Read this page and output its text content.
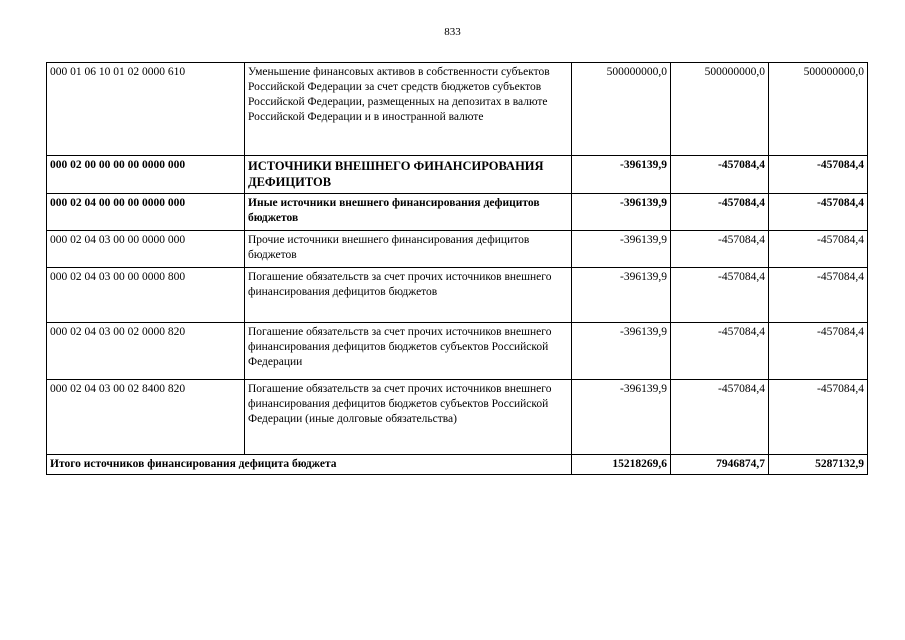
833
000 01 06 10 01 02 0000 610	Уменьшение финансовых активов в собственности субъектов Российской Федерации за счет средств бюджетов субъектов Российской Федерации, размещенных на депозитах в валюте Российской Федерации и в иностранной валюте	500000000,0	500000000,0	500000000,0
000 02 00 00 00 00 0000 000	ИСТОЧНИКИ ВНЕШНЕГО ФИНАНСИРОВАНИЯ ДЕФИЦИТОВ	-396139,9	-457084,4	-457084,4
000 02 04 00 00 00 0000 000	Иные источники внешнего финансирования дефицитов бюджетов	-396139,9	-457084,4	-457084,4
000 02 04 03 00 00 0000 000	Прочие источники внешнего финансирования дефицитов бюджетов	-396139,9	-457084,4	-457084,4
000 02 04 03 00 00 0000 800	Погашение обязательств за счет прочих источников внешнего финансирования дефицитов бюджетов	-396139,9	-457084,4	-457084,4
000 02 04 03 00 02 0000 820	Погашение обязательств за счет прочих источников внешнего финансирования дефицитов бюджетов субъектов Российской Федерации	-396139,9	-457084,4	-457084,4
000 02 04 03 00 02 8400 820	Погашение обязательств за счет прочих источников внешнего финансирования дефицитов бюджетов субъектов Российской Федерации (иные долговые обязательства)	-396139,9	-457084,4	-457084,4
Итого источников финансирования дефицита бюджета		15218269,6	7946874,7	5287132,9
